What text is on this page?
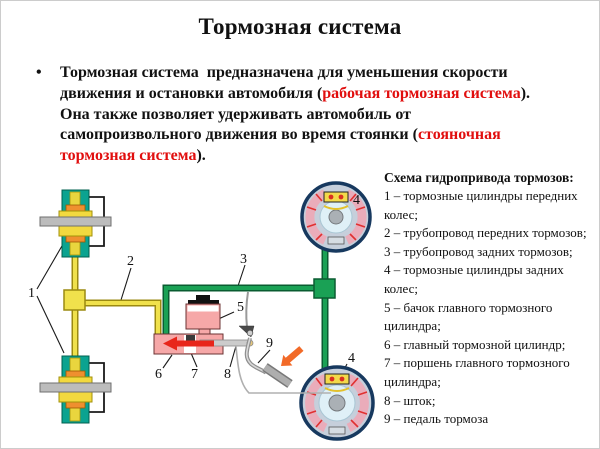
Тормозная система
• Тормозная система  предназначена для уменьшения скорости
движения и остановки автомобиля (рабочая тормозная система).
Она также позволяет удерживать автомобиль от
самопроизвольного движения во время стоянки (стояночная
тормозная система).
Схема гидропривода тормозов:
1 – тормозные цилиндры передних колес;
2 – трубопровод передних тормозов;
3 – трубопровод задних тормозов;
4 – тормозные цилиндры задних колес;
5 – бачок главного тормозного цилиндра;
6 – главный тормозной цилиндр;
7 – поршень главного тормозного цилиндра;
8 – шток;
9 – педаль тормоза
1
2	3
4
4
5
6 7 8
9
